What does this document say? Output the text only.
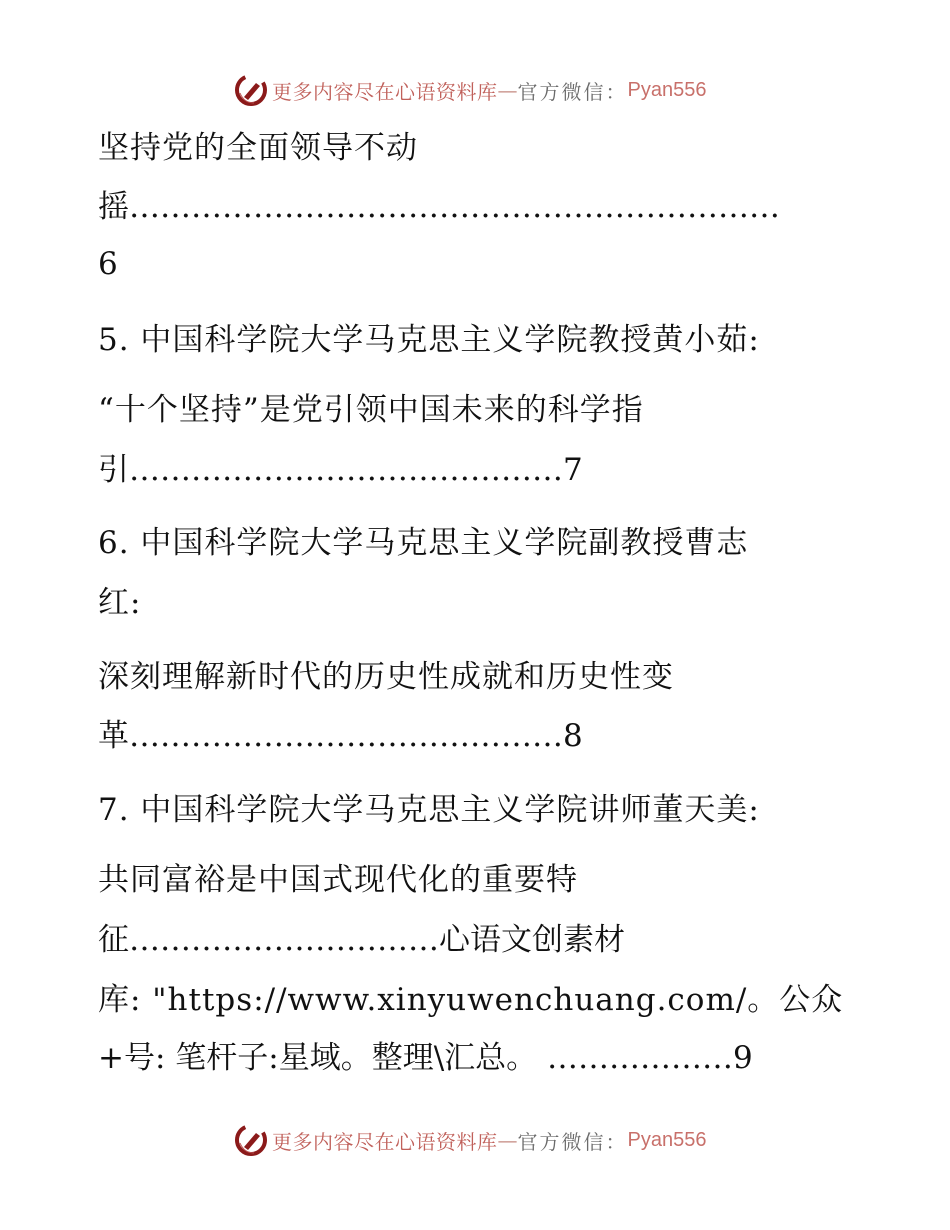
更多内容尽在心语资料库 — 官方微信： Pyan556
坚持党的全面领导不动
摇………………………………………………………
6
5. 中国科学院大学马克思主义学院教授黄小茹:
“十个坚持”是党引领中国未来的科学指
引……………………………………7
6. 中国科学院大学马克思主义学院副教授曹志
红:
深刻理解新时代的历史性成就和历史性变
革……………………………………8
7. 中国科学院大学马克思主义学院讲师董天美:
共同富裕是中国式现代化的重要特
征…………………………心语文创素材
库: "https://www.xinyuwenchuang.com/。公众
+号: 笔杆子:星域。整理\汇总。 ………………9
更多内容尽在心语资料库 — 官方微信： Pyan556
